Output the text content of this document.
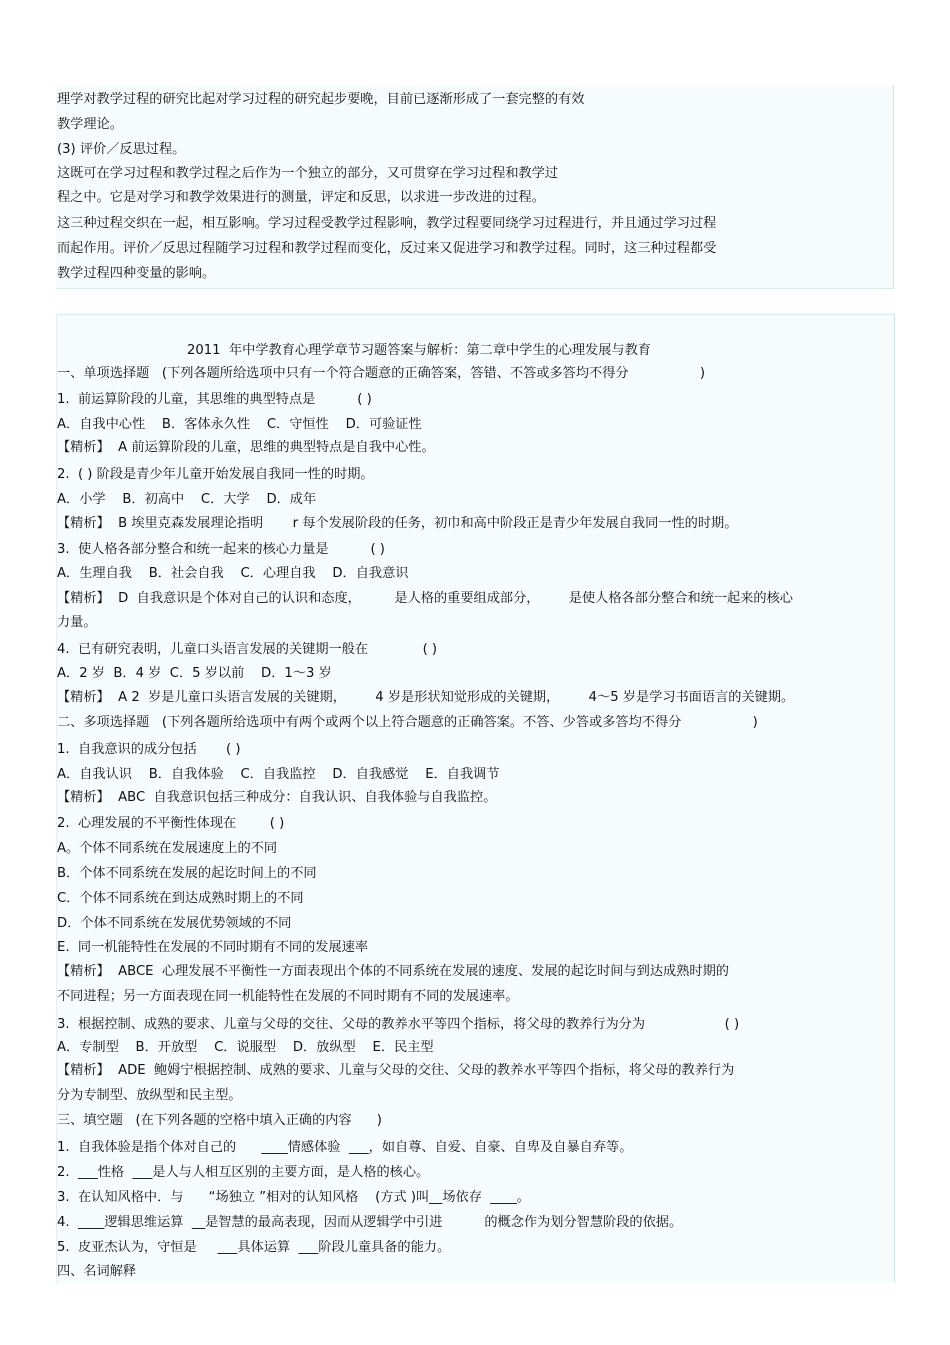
理学对教学过程的研究比起对学习过程的研究起步要晚，目前已逐渐形成了一套完整的有效

教学理论。

(3) 评价／反思过程。

这既可在学习过程和教学过程之后作为一个独立的部分，又可贯穿在学习过程和教学过

程之中。它是对学习和教学效果进行的测量，评定和反思，以求进一步改进的过程。

这三种过程交织在一起，相互影响。学习过程受教学过程影响，教学过程要同绕学习过程进行，并且通过学习过程

而起作用。评价／反思过程随学习过程和教学过程而变化，反过来又促进学习和教学过程。同时，这三种过程都受

教学过程四种变量的影响。

2011  年中学教育心理学章节习题答案与解析：第二章中学生的心理发展与教育

一、单项选择题   (下列各题所给选项中只有一个符合题意的正确答案，答错、不答或多答均不得分                 )

1.  前运算阶段的儿童，其思维的典型特点是          ( )

A．自我中心性    B．客体永久性    C．守恒性    D．可验证性

【精析】  A 前运算阶段的儿童，思维的典型特点是自我中心性。

2.  ( ) 阶段是青少年儿童开始发展自我同一性的时期。

A．小学    B．初高中    C．大学    D．成年

【精析】  B 埃里克森发展理论指明       r 每个发展阶段的任务，初巾和高中阶段正是青少年发展自我同一性的时期。

3.  使人格各部分整合和统一起来的核心力量是          ( )

A．生理自我    B．社会自我    C．心理自我    D．自我意识

【精析】  D  自我意识是个体对自己的认识和态度，        是人格的重要组成部分，       是使人格各部分整合和统一起来的核心

力量。

4.  已有研究表明，儿童口头语言发展的关键期一般在             ( )

A．2 岁  B．4 岁  C．5 岁以前    D．1～3 岁

【精析】  A 2  岁是儿童口头语言发展的关键期，       4 岁是形状知觉形成的关键期，       4～5 岁是学习书面语言的关键期。

二、多项选择题   (下列各题所给选项中有两个或两个以上符合题意的正确答案。不答、少答或多答均不得分                 )

1.  自我意识的成分包括       ( )

A．自我认识    B．自我体验    C．自我监控    D．自我感觉    E．自我调节

【精析】  ABC  自我意识包括三种成分：自我认识、自我体验与自我监控。

2.  心理发展的不平衡性体现在        ( )

A。个体不同系统在发展速度上的不同

B．个体不同系统在发展的起讫时间上的不同

C．个体不同系统在到达成熟时期上的不同

D．个体不同系统在发展优势领域的不同

E.  同一机能特性在发展的不同时期有不同的发展速率

【精析】  ABCE  心理发展不平衡性一方面表现出个体的不同系统在发展的速度、发展的起讫时间与到达成熟时期的

不同进程；另一方面表现在同一机能特性在发展的不同时期有不同的发展速率。

3.  根据控制、成熟的要求、儿童与父母的交往、父母的教养水平等四个指标，将父母的教养行为分为                   ( )

A．专制型    B．开放型    C．说服型    D．放纵型    E．民主型

【精析】  ADE  鲍姆宁根据控制、成熟的要求、儿童与父母的交往、父母的教养水平等四个指标，将父母的教养行为

分为专制型、放纵型和民主型。

三、填空题   (在下列各题的空格中填入正确的内容      )

1.  自我体验是指个体对自己的      ____情感体验  ___，如自尊、自爱、自豪、自卑及自暴自弃等。

2.  ___性格  ___是人与人相互区别的主要方面，是人格的核心。

3.  在认知风格中．与      “场独立 ”相对的认知风格    (方式 )叫__场依存  ____。

4.  ____逻辑思维运算  __是智慧的最高表现，因而从逻辑学中引进          的概念作为划分智慧阶段的依据。

5.  皮亚杰认为，守恒是     ___具体运算  ___阶段儿童具备的能力。

四、名词解释
